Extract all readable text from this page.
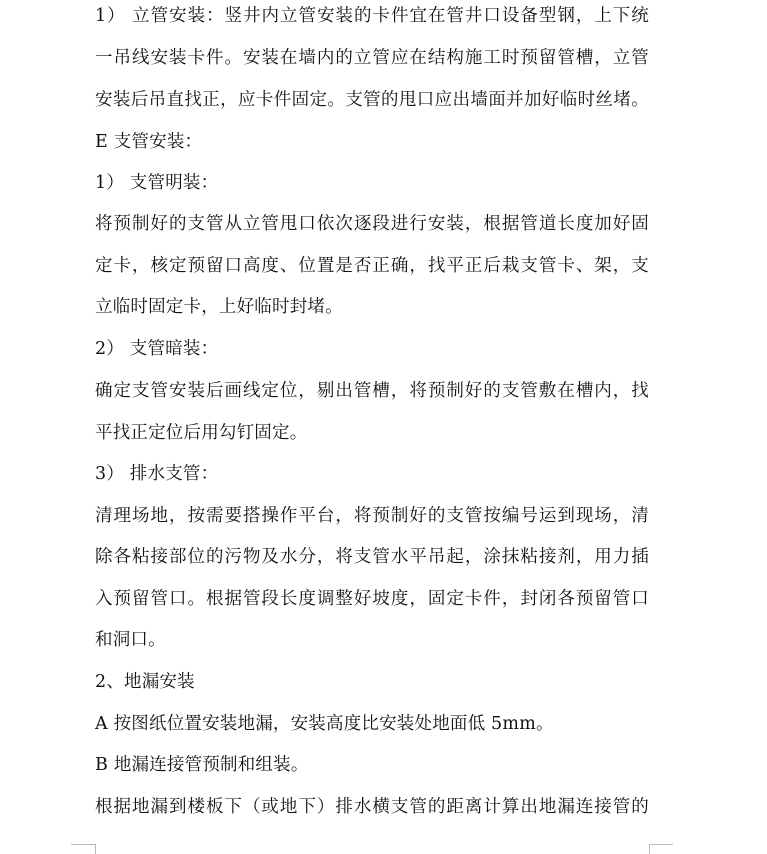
1） 立管安装：竖井内立管安装的卡件宜在管井口设备型钢，上下统
一吊线安装卡件。安装在墙内的立管应在结构施工时预留管槽，立管
安装后吊直找正，应卡件固定。支管的甩口应出墙面并加好临时丝堵。
E 支管安装：
1） 支管明装：
将预制好的支管从立管甩口依次逐段进行安装，根据管道长度加好固
定卡，核定预留口高度、位置是否正确，找平正后栽支管卡、架，支
立临时固定卡，上好临时封堵。
2） 支管暗装：
确定支管安装后画线定位，剔出管槽，将预制好的支管敷在槽内，找
平找正定位后用勾钉固定。
3） 排水支管：
清理场地，按需要搭操作平台，将预制好的支管按编号运到现场，清
除各粘接部位的污物及水分，将支管水平吊起，涂抹粘接剂，用力插
入预留管口。根据管段长度调整好坡度，固定卡件，封闭各预留管口
和洞口。
2、地漏安装
A 按图纸位置安装地漏，安装高度比安装处地面低 5mm。
B 地漏连接管预制和组装。
根据地漏到楼板下（或地下）排水横支管的距离计算出地漏连接管的
